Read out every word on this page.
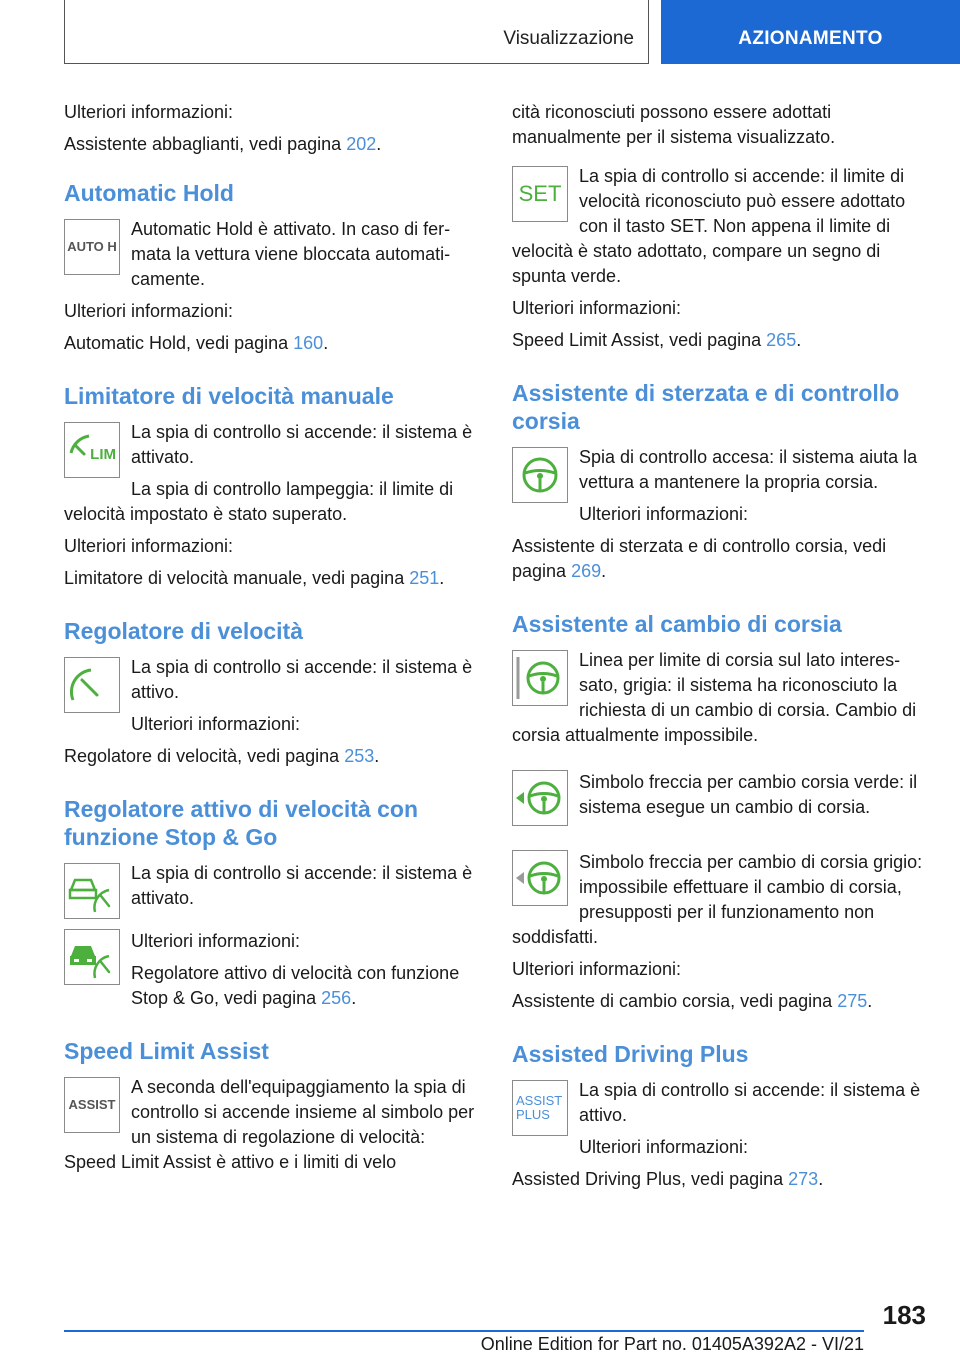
Visualizzazione	AZIONAMENTO

Ulteriori informazioni:

Assistente abbaglianti, vedi pagina 202.

Automatic Hold
AUTO H

Automatic Hold è attivato. In caso di fermata la vettura viene bloccata automaticamente.

Ulteriori informazioni:

Automatic Hold, vedi pagina 160.

Limitatore di velocità manuale
LIM

La spia di controllo si accende: il sistema è attivato.

La spia di controllo lampeggia: il limite di velocità impostato è stato superato.

Ulteriori informazioni:

Limitatore di velocità manuale, vedi pagina 251.

Regolatore di velocità

La spia di controllo si accende: il sistema è attivo.

Ulteriori informazioni:

Regolatore di velocità, vedi pagina 253.

Regolatore attivo di velocità con funzione Stop & Go

La spia di controllo si accende: il sistema è attivato.

Ulteriori informazioni:

Regolatore attivo di velocità con funzione Stop & Go, vedi pagina 256.

Speed Limit Assist
ASSIST

A seconda dell'equipaggiamento la spia di controllo si accende insieme al simbolo per un sistema di regolazione di velocità: Speed Limit Assist è attivo e i limiti di velo

cità riconosciuti possono essere adottati manualmente per il sistema visualizzato.

SET

La spia di controllo si accende: il limite di velocità riconosciuto può essere adottato con il tasto SET. Non appena il limite di velocità è stato adottato, compare un segno di spunta verde.

Ulteriori informazioni:

Speed Limit Assist, vedi pagina 265.

Assistente di sterzata e di controllo corsia

Spia di controllo accesa: il sistema aiuta la vettura a mantenere la propria corsia.

Ulteriori informazioni:

Assistente di sterzata e di controllo corsia, vedi pagina 269.

Assistente al cambio di corsia

Linea per limite di corsia sul lato interessato, grigia: il sistema ha riconosciuto la richiesta di un cambio di corsia. Cambio di corsia attualmente impossibile.

Simbolo freccia per cambio corsia verde: il sistema esegue un cambio di corsia.

Simbolo freccia per cambio di corsia grigio: impossibile effettuare il cambio di corsia, presupposti per il funzionamento non soddisfatti.

Ulteriori informazioni:

Assistente di cambio corsia, vedi pagina 275.

Assisted Driving Plus
ASSIST
PLUS

La spia di controllo si accende: il sistema è attivo.

Ulteriori informazioni:

Assisted Driving Plus, vedi pagina 273.

183
Online Edition for Part no. 01405A392A2 - VI/21
